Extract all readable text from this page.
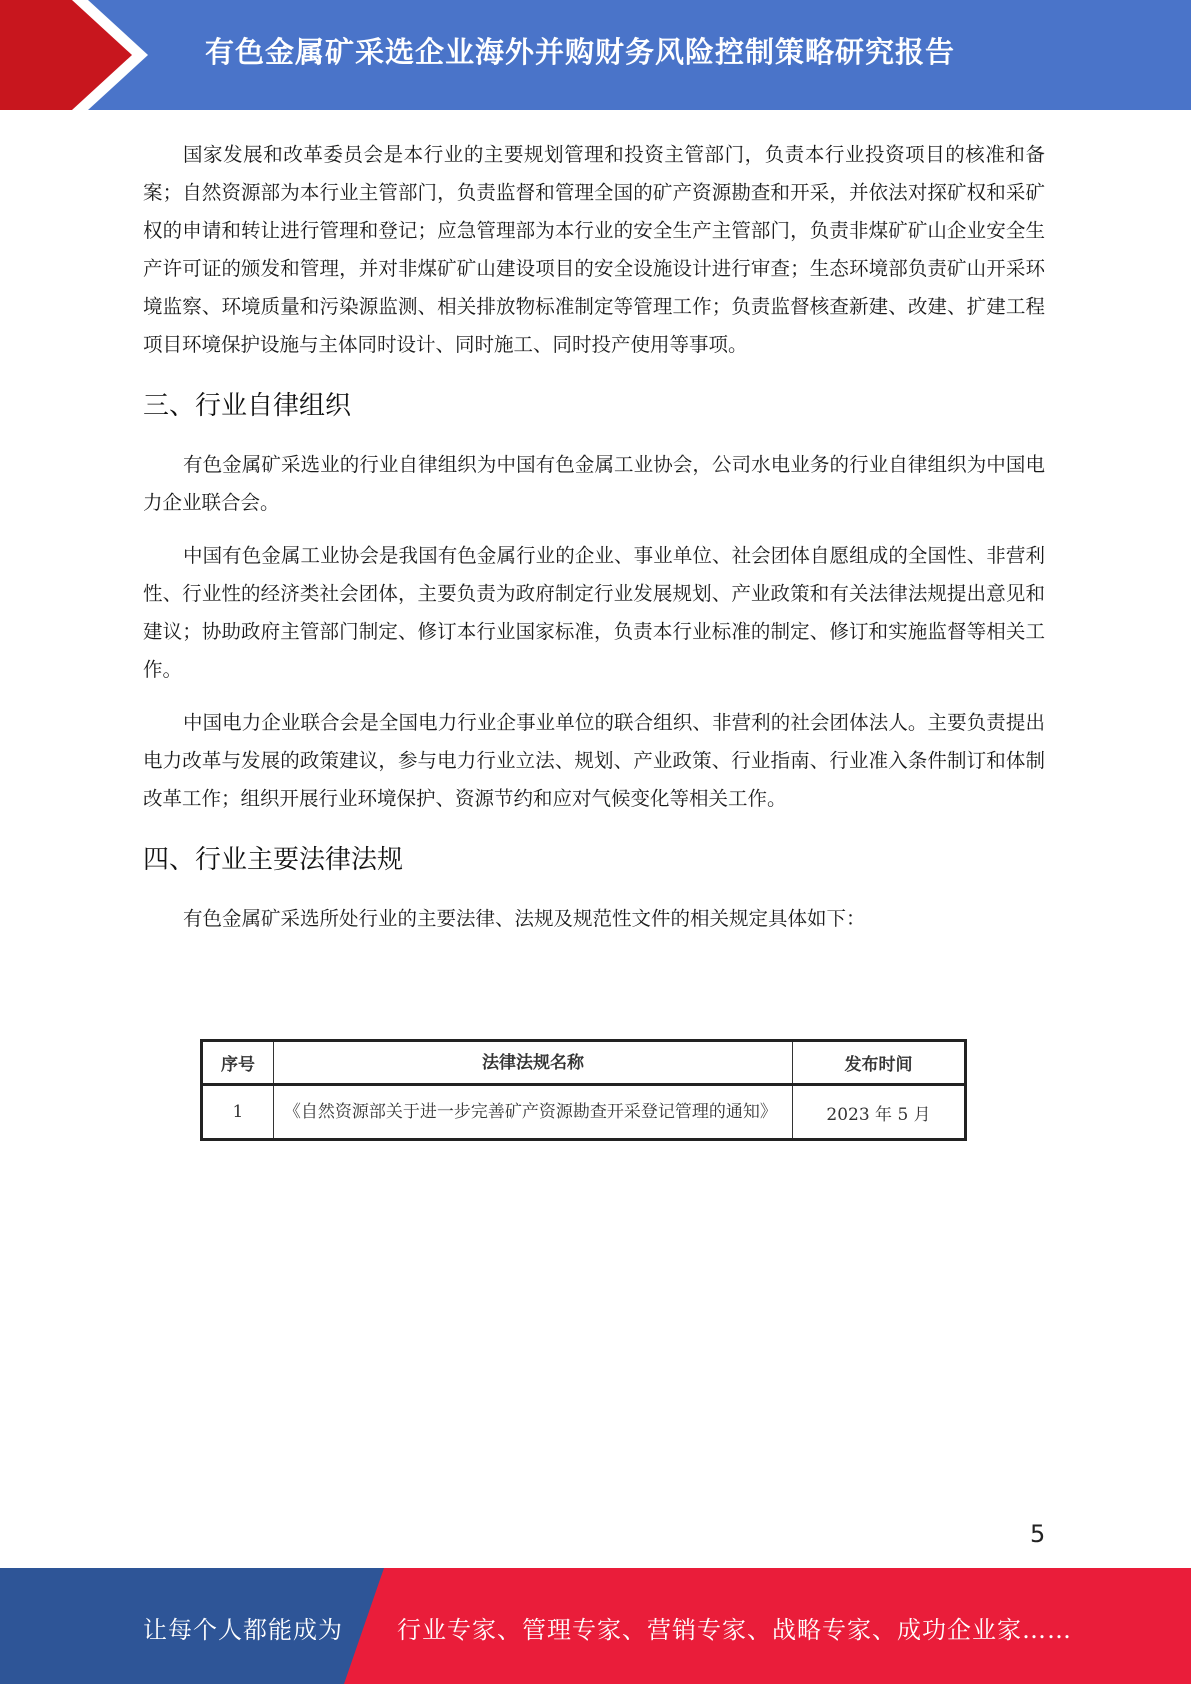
有色金属矿采选企业海外并购财务风险控制策略研究报告

国家发展和改革委员会是本行业的主要规划管理和投资主管部门，负责本行业投资项目的核准和备案；自然资源部为本行业主管部门，负责监督和管理全国的矿产资源勘查和开采，并依法对探矿权和采矿权的申请和转让进行管理和登记；应急管理部为本行业的安全生产主管部门，负责非煤矿矿山企业安全生产许可证的颁发和管理，并对非煤矿矿山建设项目的安全设施设计进行审查；生态环境部负责矿山开采环境监察、环境质量和污染源监测、相关排放物标准制定等管理工作；负责监督核查新建、改建、扩建工程项目环境保护设施与主体同时设计、同时施工、同时投产使用等事项。

三、行业自律组织

有色金属矿采选业的行业自律组织为中国有色金属工业协会，公司水电业务的行业自律组织为中国电力企业联合会。

中国有色金属工业协会是我国有色金属行业的企业、事业单位、社会团体自愿组成的全国性、非营利性、行业性的经济类社会团体，主要负责为政府制定行业发展规划、产业政策和有关法律法规提出意见和建议；协助政府主管部门制定、修订本行业国家标准，负责本行业标准的制定、修订和实施监督等相关工作。

中国电力企业联合会是全国电力行业企事业单位的联合组织、非营利的社会团体法人。主要负责提出电力改革与发展的政策建议，参与电力行业立法、规划、产业政策、行业指南、行业准入条件制订和体制改革工作；组织开展行业环境保护、资源节约和应对气候变化等相关工作。

四、行业主要法律法规

有色金属矿采选所处行业的主要法律、法规及规范性文件的相关规定具体如下：

序号	法律法规名称	发布时间
1	《自然资源部关于进一步完善矿产资源勘查开采登记管理的通知》	2023 年 5 月
5
让每个人都能成为 行业专家、管理专家、营销专家、战略专家、成功企业家……
